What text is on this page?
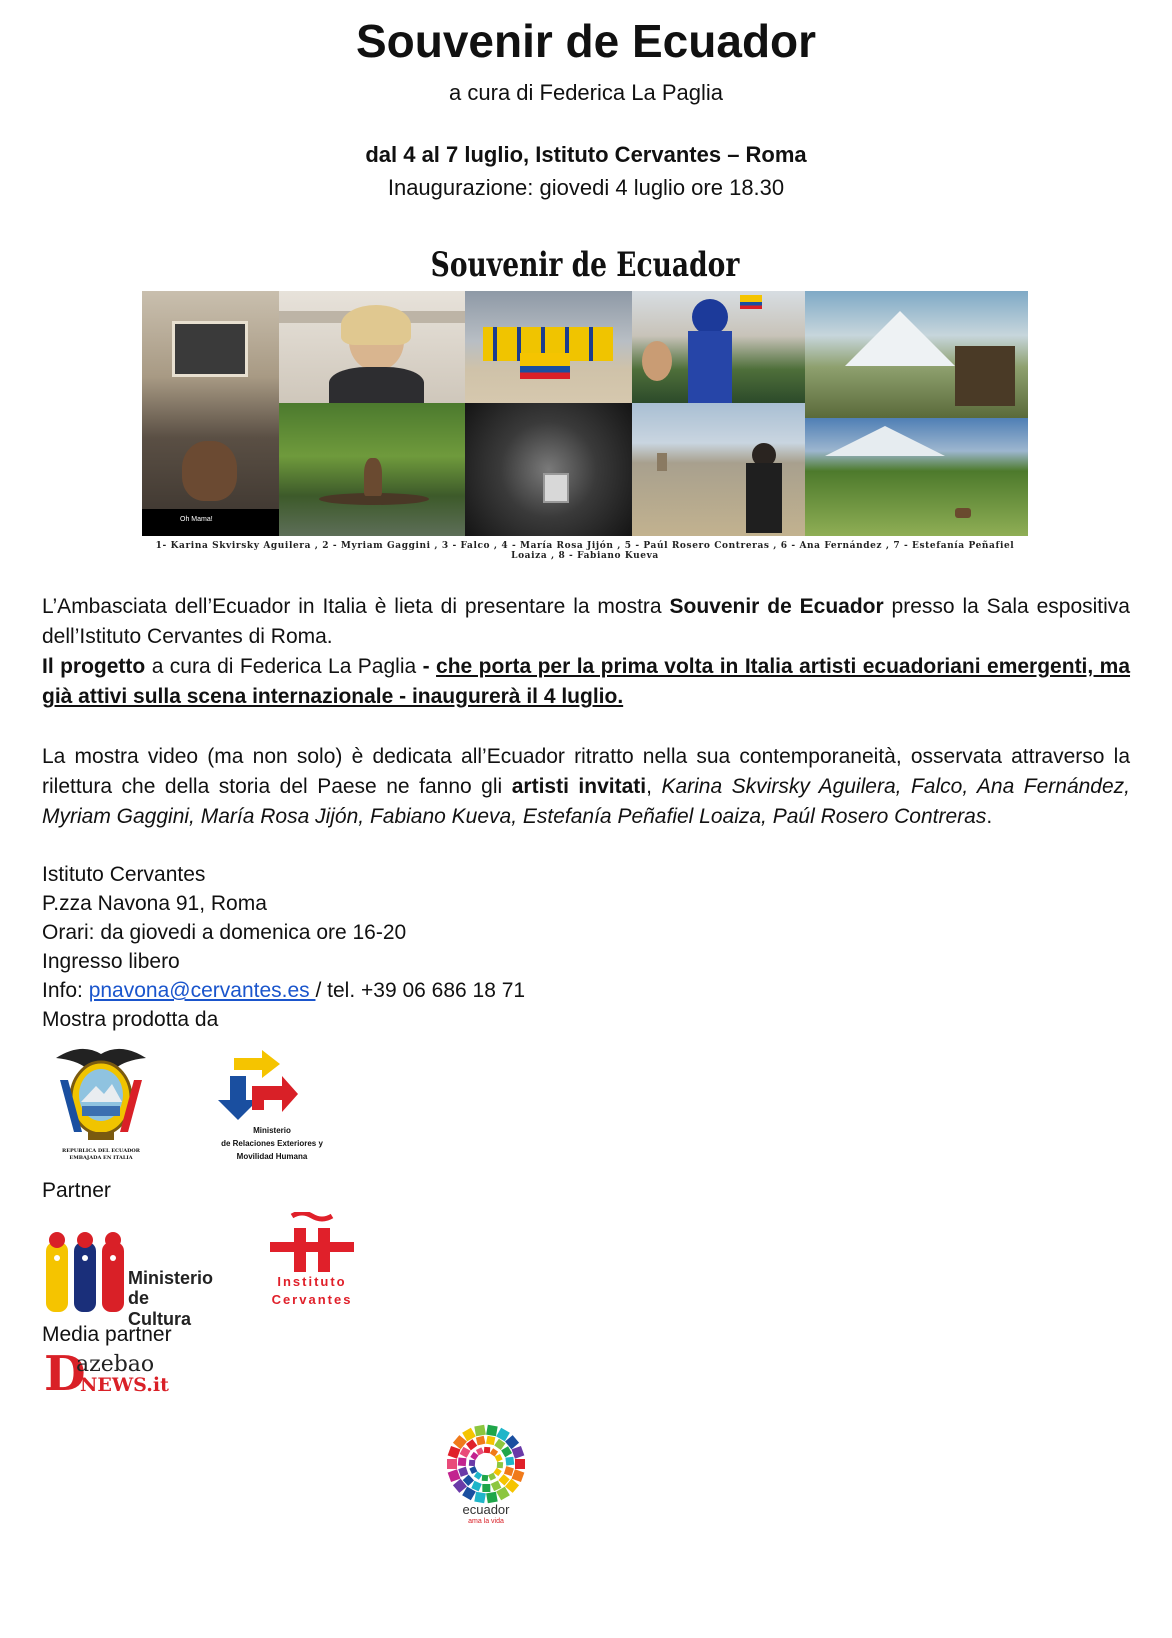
Souvenir de Ecuador
a cura di Federica La Paglia
dal 4 al 7 luglio, Istituto Cervantes – Roma
Inaugurazione: giovedi 4 luglio ore 18.30
Souvenir de Ecuador
Oh Mama!
1- Karina Skvirsky Aguilera , 2 - Myriam Gaggini , 3 - Falco , 4 - María Rosa Jijón , 5 - Paúl Rosero Contreras , 6 - Ana Fernández , 7 - Estefanía Peñafiel Loaiza , 8 - Fabiano Kueva
L’Ambasciata dell’Ecuador in Italia è lieta di presentare la mostra Souvenir de Ecuador presso la Sala espositiva dell’Istituto Cervantes di Roma.
Il progetto a cura di Federica La Paglia - che porta per la prima volta in Italia artisti ecuadoriani emergenti, ma già attivi sulla scena internazionale - inaugurerà il 4 luglio.
La mostra video (ma non solo) è dedicata all’Ecuador ritratto nella sua contemporaneità, osservata attraverso la rilettura che della storia del Paese ne fanno gli artisti invitati, Karina Skvirsky Aguilera, Falco, Ana Fernández, Myriam Gaggini, María Rosa Jijón, Fabiano Kueva, Estefanía Peñafiel Loaiza, Paúl Rosero Contreras.
Istituto Cervantes
P.zza Navona 91, Roma
Orari: da giovedi a domenica ore 16-20
Ingresso libero
Info: pnavona@cervantes.es / tel. +39 06 686 18 71
Mostra prodotta da
REPUBLICA DEL ECUADOR
EMBAJADA EN ITALIA
Ministerio
de Relaciones Exteriores y
Movilidad Humana
Partner
Ministerio
de Cultura
Instituto
Cervantes
Media partner
D
azebao
NEWS.it
ecuador
ama la vida
